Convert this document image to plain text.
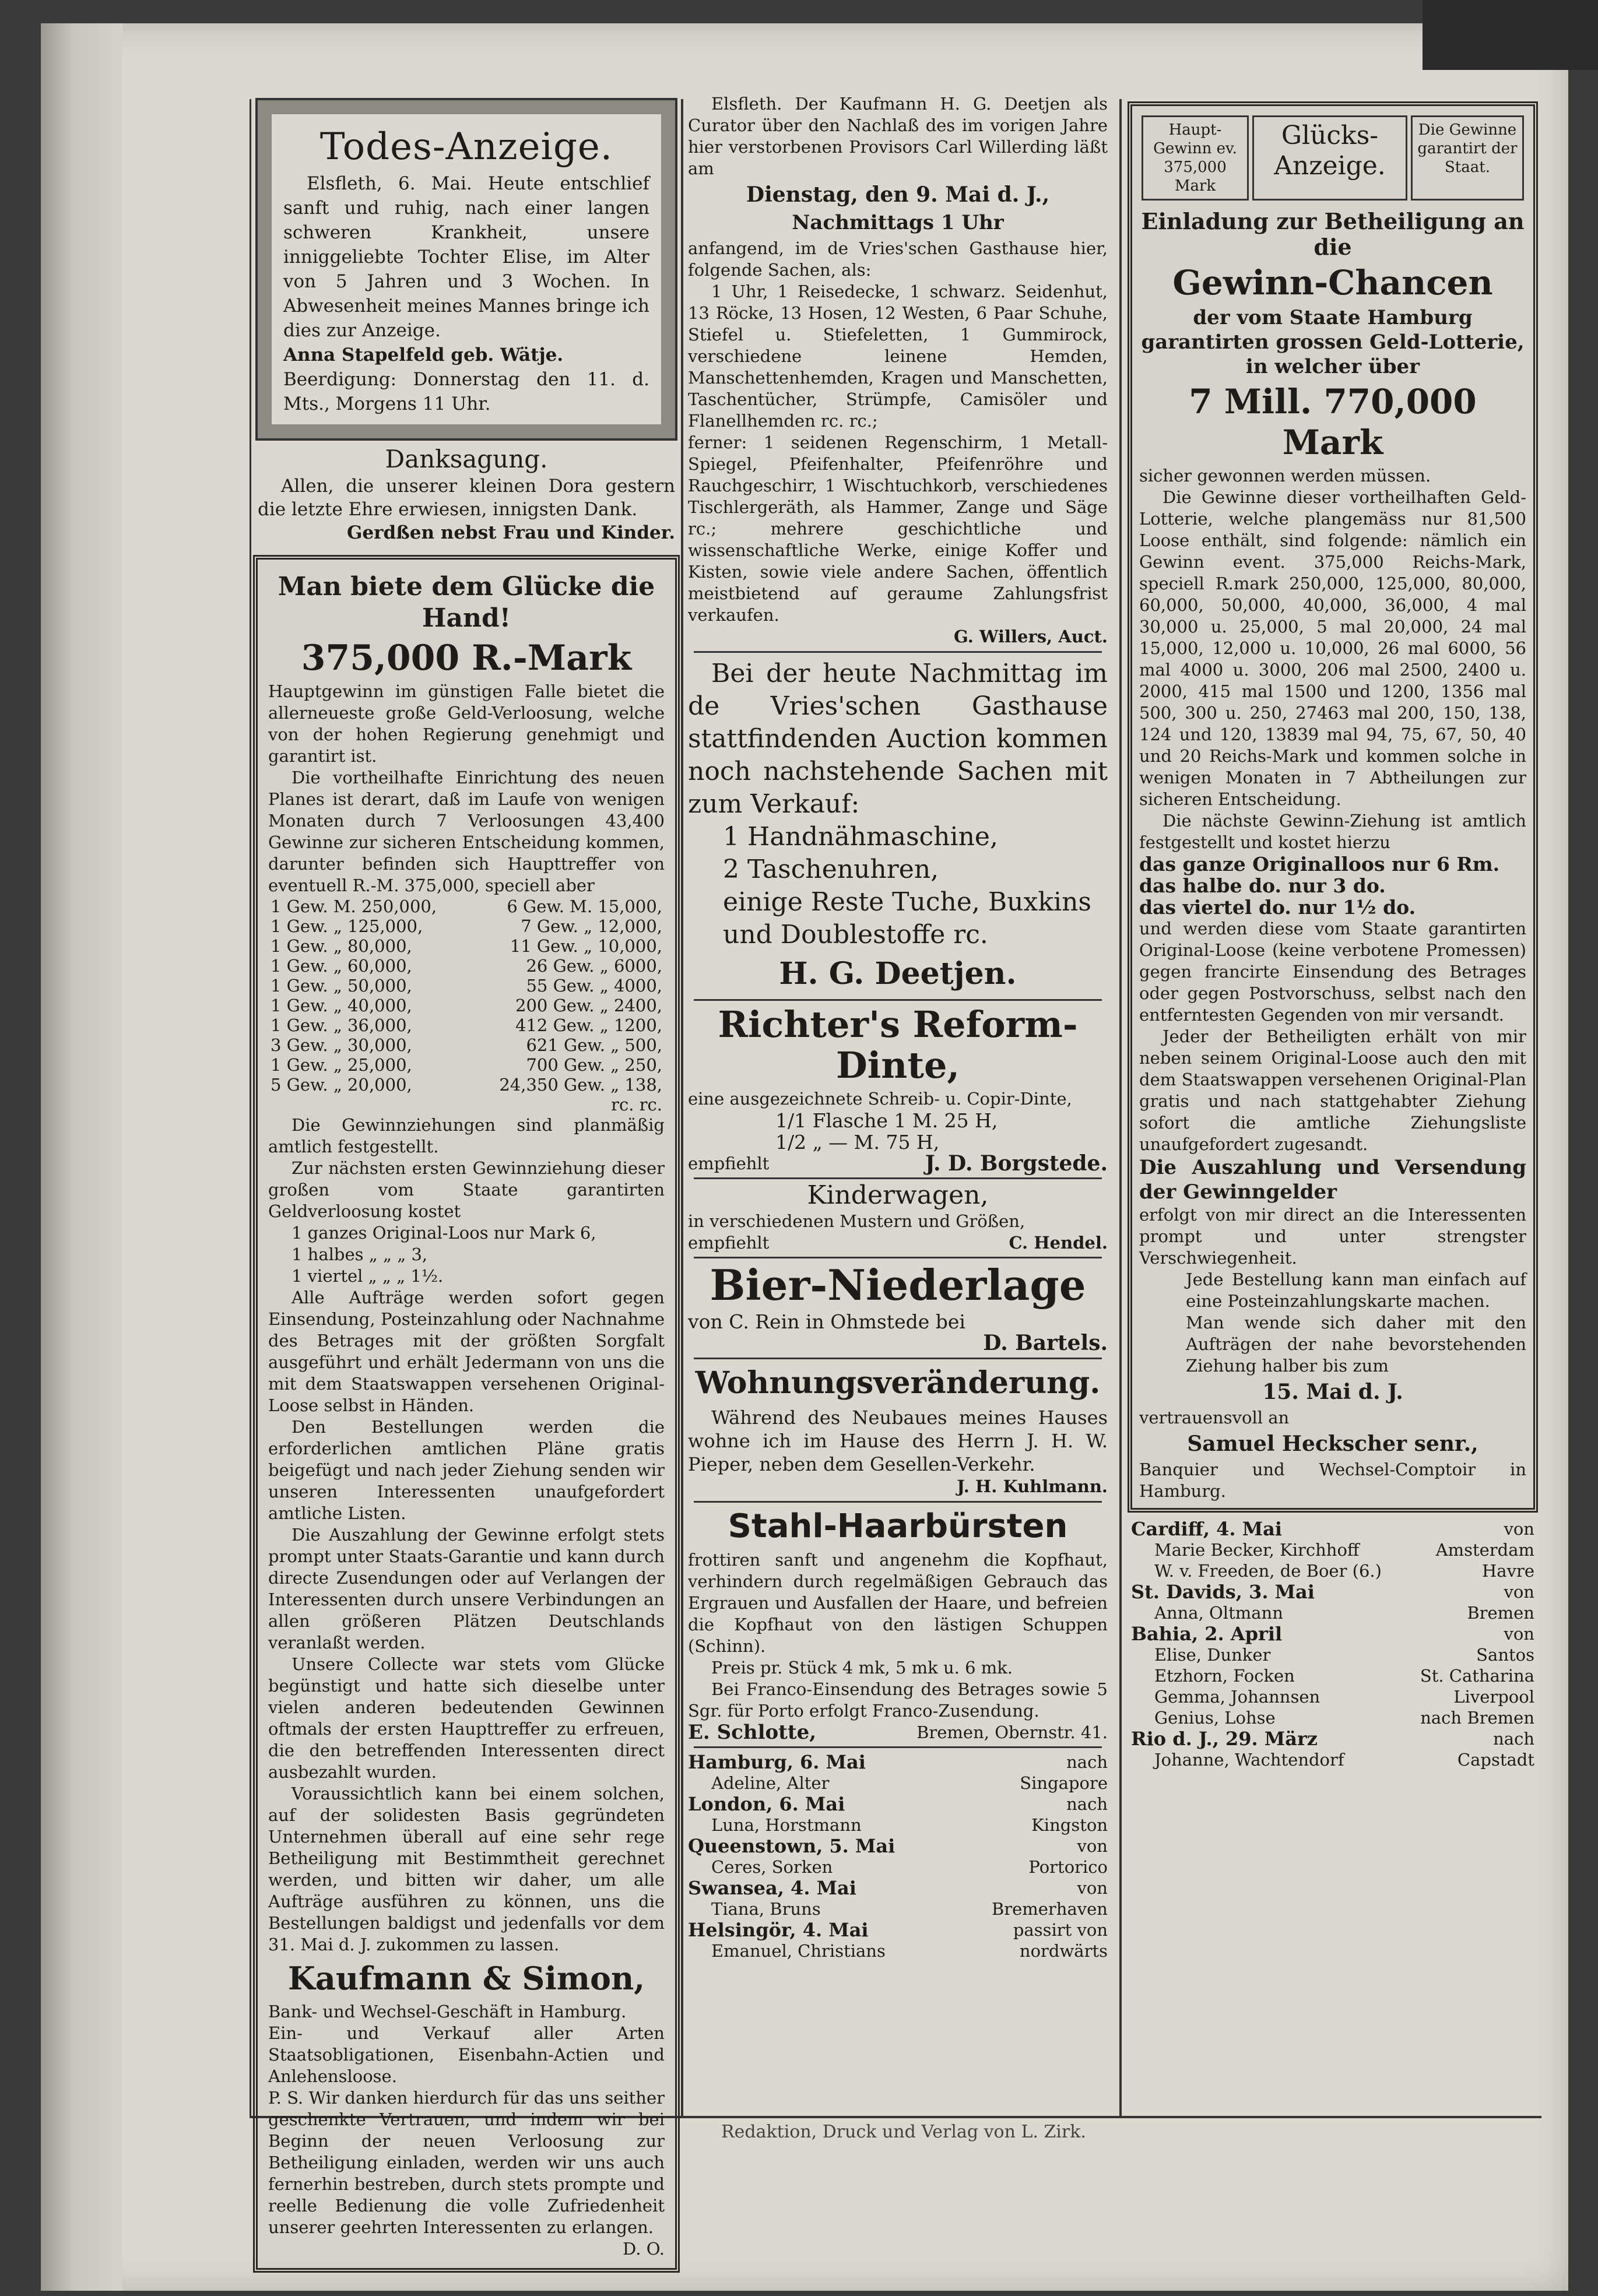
Todes-Anzeige.

Elsfleth, 6. Mai. Heute entschlief sanft und ruhig, nach einer langen schweren Krankheit, unsere inniggeliebte Tochter Elise, im Alter von 5 Jahren und 3 Wochen. In Abwesenheit meines Mannes bringe ich dies zur Anzeige.

Anna Stapelfeld geb. Wätje.

Beerdigung: Donnerstag den 11. d. Mts., Morgens 11 Uhr.

Danksagung.

Allen, die unserer kleinen Dora gestern die letzte Ehre erwiesen, innigsten Dank.

Gerdßen nebst Frau und Kinder.

Man biete dem Glücke die Hand!
375,000 R.-Mark

Hauptgewinn im günstigen Falle bietet die allerneueste große Geld-Verloosung, welche von der hohen Regierung genehmigt und garantirt ist.

Die vortheilhafte Einrichtung des neuen Planes ist derart, daß im Laufe von wenigen Monaten durch 7 Verloosungen 43,400 Gewinne zur sicheren Entscheidung kommen, darunter befinden sich Haupttreffer von eventuell R.-M. 375,000, speciell aber

1 Gew. M. 250,000,	6 Gew. M. 15,000,
1 Gew. „ 125,000,	7 Gew. „ 12,000,
1 Gew. „ 80,000,	11 Gew. „ 10,000,
1 Gew. „ 60,000,	26 Gew. „ 6000,
1 Gew. „ 50,000,	55 Gew. „ 4000,
1 Gew. „ 40,000,	200 Gew. „ 2400,
1 Gew. „ 36,000,	412 Gew. „ 1200,
3 Gew. „ 30,000,	621 Gew. „ 500,
1 Gew. „ 25,000,	700 Gew. „ 250,
5 Gew. „ 20,000,	24,350 Gew. „ 138,
	rc. rc.

Die Gewinnziehungen sind planmäßig amtlich festgestellt.

Zur nächsten ersten Gewinnziehung dieser großen vom Staate garantirten Geldverloosung kostet

1 ganzes Original-Loos nur Mark 6,

1 halbes „ „ „ 3,

1 viertel „ „ „ 1½.

Alle Aufträge werden sofort gegen Einsendung, Posteinzahlung oder Nachnahme des Betrages mit der größten Sorgfalt ausgeführt und erhält Jedermann von uns die mit dem Staatswappen versehenen Original-Loose selbst in Händen.

Den Bestellungen werden die erforderlichen amtlichen Pläne gratis beigefügt und nach jeder Ziehung senden wir unseren Interessenten unaufgefordert amtliche Listen.

Die Auszahlung der Gewinne erfolgt stets prompt unter Staats-Garantie und kann durch directe Zusendungen oder auf Verlangen der Interessenten durch unsere Verbindungen an allen größeren Plätzen Deutschlands veranlaßt werden.

Unsere Collecte war stets vom Glücke begünstigt und hatte sich dieselbe unter vielen anderen bedeutenden Gewinnen oftmals der ersten Haupttreffer zu erfreuen, die den betreffenden Interessenten direct ausbezahlt wurden.

Voraussichtlich kann bei einem solchen, auf der solidesten Basis gegründeten Unternehmen überall auf eine sehr rege Betheiligung mit Bestimmtheit gerechnet werden, und bitten wir daher, um alle Aufträge ausführen zu können, uns die Bestellungen baldigst und jedenfalls vor dem 31. Mai d. J. zukommen zu lassen.

Kaufmann & Simon,

Bank- und Wechsel-Geschäft in Hamburg.

Ein- und Verkauf aller Arten Staatsobligationen, Eisenbahn-Actien und Anlehensloose.

P. S. Wir danken hierdurch für das uns seither geschenkte Vertrauen, und indem wir bei Beginn der neuen Verloosung zur Betheiligung einladen, werden wir uns auch fernerhin bestreben, durch stets prompte und reelle Bedienung die volle Zufriedenheit unserer geehrten Interessenten zu erlangen.

D. O.

Elsfleth. Der Kaufmann H. G. Deetjen als Curator über den Nachlaß des im vorigen Jahre hier verstorbenen Provisors Carl Willerding läßt am

Dienstag, den 9. Mai d. J.,
Nachmittags 1 Uhr

anfangend, im de Vries'schen Gasthause hier, folgende Sachen, als:

1 Uhr, 1 Reisedecke, 1 schwarz. Seidenhut, 13 Röcke, 13 Hosen, 12 Westen, 6 Paar Schuhe, Stiefel u. Stiefeletten, 1 Gummirock, verschiedene leinene Hemden, Manschettenhemden, Kragen und Manschetten, Taschentücher, Strümpfe, Camisöler und Flanellhemden rc. rc.;

ferner: 1 seidenen Regenschirm, 1 Metall-Spiegel, Pfeifenhalter, Pfeifenröhre und Rauchgeschirr, 1 Wischtuchkorb, verschiedenes Tischlergeräth, als Hammer, Zange und Säge rc.; mehrere geschichtliche und wissenschaftliche Werke, einige Koffer und Kisten, sowie viele andere Sachen, öffentlich meistbietend auf geraume Zahlungsfrist verkaufen.

G. Willers, Auct.

Bei der heute Nachmittag im de Vries'schen Gasthause stattfindenden Auction kommen noch nachstehende Sachen mit zum Verkauf:

1 Handnähmaschine,

2 Taschenuhren,

einige Reste Tuche, Buxkins

und Doublestoffe rc.

H. G. Deetjen.
Richter's Reform-Dinte,

eine ausgezeichnete Schreib- u. Copir-Dinte,

1/1 Flasche 1 M. 25 H,

1/2 „ — M. 75 H,

empfiehlt	J. D. Borgstede.
Kinderwagen,

in verschiedenen Mustern und Größen,

empfiehlt	C. Hendel.
Bier-Niederlage

von C. Rein in Ohmstede bei

D. Bartels.

Wohnungsveränderung.

Während des Neubaues meines Hauses wohne ich im Hause des Herrn J. H. W. Pieper, neben dem Gesellen-Verkehr.

J. H. Kuhlmann.

Stahl-Haarbürsten

frottiren sanft und angenehm die Kopfhaut, verhindern durch regelmäßigen Gebrauch das Ergrauen und Ausfallen der Haare, und befreien die Kopfhaut von den lästigen Schuppen (Schinn).

Preis pr. Stück 4 mk, 5 mk u. 6 mk.

Bei Franco-Einsendung des Betrages sowie 5 Sgr. für Porto erfolgt Franco-Zusendung.

E. Schlotte,	Bremen, Obernstr. 41.
Hamburg, 6. Mai	nach
Adeline, Alter	Singapore
London, 6. Mai	nach
Luna, Horstmann	Kingston
Queenstown, 5. Mai	von
Ceres, Sorken	Portorico
Swansea, 4. Mai	von
Tiana, Bruns	Bremerhaven
Helsingör, 4. Mai	passirt von
Emanuel, Christians	nordwärts
Haupt-Gewinn ev. 375,000 Mark
Glücks-Anzeige.
Die Gewinne garantirt der Staat.
Einladung zur Betheiligung an die
Gewinn-Chancen
der vom Staate Hamburg garantirten grossen Geld-Lotterie, in welcher über
7 Mill. 770,000 Mark

sicher gewonnen werden müssen.

Die Gewinne dieser vortheilhaften Geld-Lotterie, welche plangemäss nur 81,500 Loose enthält, sind folgende: nämlich ein Gewinn event. 375,000 Reichs-Mark, speciell R.mark 250,000, 125,000, 80,000, 60,000, 50,000, 40,000, 36,000, 4 mal 30,000 u. 25,000, 5 mal 20,000, 24 mal 15,000, 12,000 u. 10,000, 26 mal 6000, 56 mal 4000 u. 3000, 206 mal 2500, 2400 u. 2000, 415 mal 1500 und 1200, 1356 mal 500, 300 u. 250, 27463 mal 200, 150, 138, 124 und 120, 13839 mal 94, 75, 67, 50, 40 und 20 Reichs-Mark und kommen solche in wenigen Monaten in 7 Abtheilungen zur sicheren Entscheidung.

Die nächste Gewinn-Ziehung ist amtlich festgestellt und kostet hierzu

das ganze Originalloos nur 6 Rm.

das halbe do. nur 3 do.

das viertel do. nur 1½ do.

und werden diese vom Staate garantirten Original-Loose (keine verbotene Promessen) gegen francirte Einsendung des Betrages oder gegen Postvorschuss, selbst nach den entferntesten Gegenden von mir versandt.

Jeder der Betheiligten erhält von mir neben seinem Original-Loose auch den mit dem Staatswappen versehenen Original-Plan gratis und nach stattgehabter Ziehung sofort die amtliche Ziehungsliste unaufgefordert zugesandt.

Die Auszahlung und Versendung der Gewinngelder

erfolgt von mir direct an die Interessenten prompt und unter strengster Verschwiegenheit.

Jede Bestellung kann man einfach auf eine Posteinzahlungskarte machen.

Man wende sich daher mit den Aufträgen der nahe bevorstehenden Ziehung halber bis zum

15. Mai d. J.

vertrauensvoll an

Samuel Heckscher senr.,

Banquier und Wechsel-Comptoir in Hamburg.

Cardiff, 4. Mai	von
Marie Becker, Kirchhoff	Amsterdam
W. v. Freeden, de Boer (6.)	Havre
St. Davids, 3. Mai	von
Anna, Oltmann	Bremen
Bahia, 2. April	von
Elise, Dunker	Santos
Etzhorn, Focken	St. Catharina
Gemma, Johannsen	Liverpool
Genius, Lohse	nach Bremen
Rio d. J., 29. März	nach
Johanne, Wachtendorf	Capstadt
Redaktion, Druck und Verlag von L. Zirk.
